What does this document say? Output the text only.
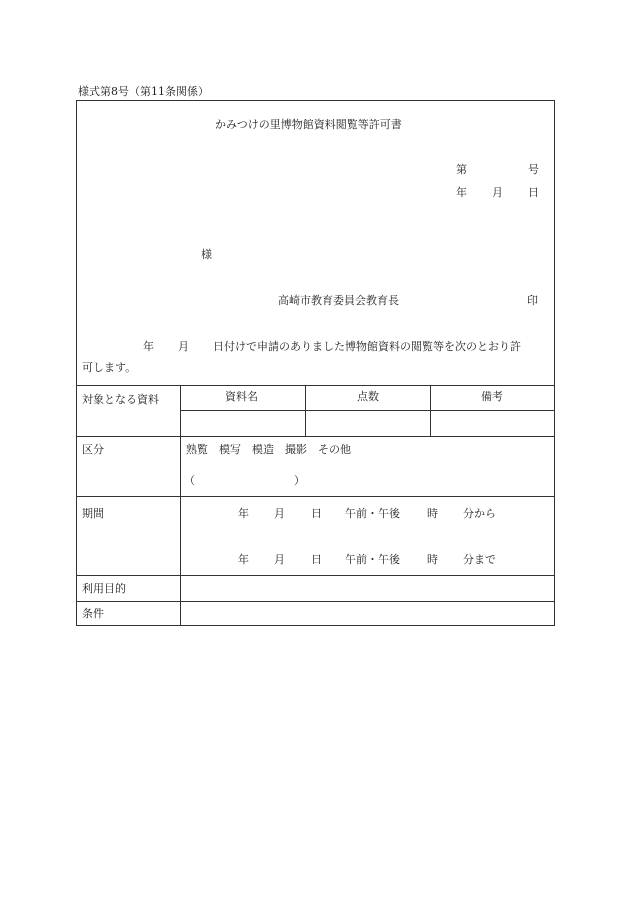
様式第8号（第11条関係）
かみつけの里博物館資料閲覧等許可書
第	号
年 月 日
様
高崎市教育委員会教育長	印
年 月 日付けで申請のありました博物館資料の閲覧等を次のとおり許
可します。
対象となる資料	資料名	点数	備考
区分	熟覧　模写　模造　撮影　その他
（	）
期間	年 月 日 午前・午後 時 分から
年 月 日 午前・午後 時 分まで
利用目的
条件
